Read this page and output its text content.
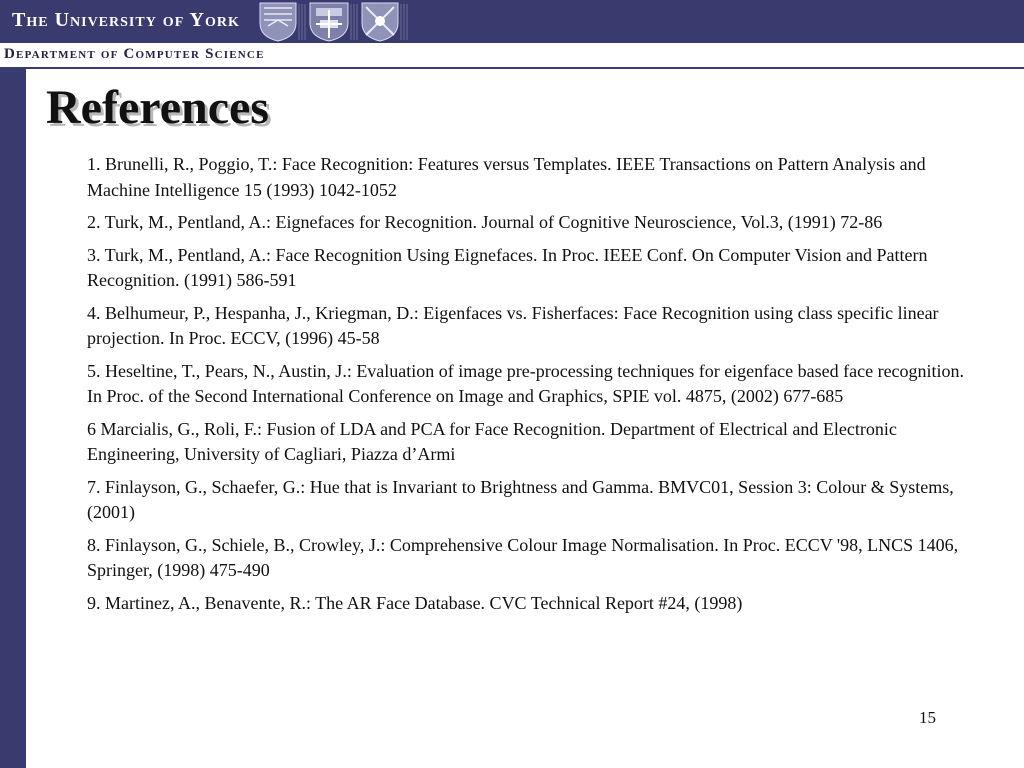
The University of York
Department of Computer Science
References
1. Brunelli, R., Poggio, T.: Face Recognition: Features versus Templates. IEEE Transactions on Pattern Analysis and Machine Intelligence 15 (1993) 1042-1052
2. Turk, M., Pentland, A.: Eignefaces for Recognition. Journal of Cognitive Neuroscience, Vol.3, (1991) 72-86
3. Turk, M., Pentland, A.: Face Recognition Using Eignefaces. In Proc. IEEE Conf. On Computer Vision and Pattern Recognition. (1991) 586-591
4. Belhumeur, P., Hespanha, J., Kriegman, D.: Eigenfaces vs. Fisherfaces: Face Recognition using class specific linear projection. In Proc. ECCV, (1996) 45-58
5. Heseltine, T., Pears, N., Austin, J.: Evaluation of image pre-processing techniques for eigenface based face recognition. In Proc. of the Second International Conference on Image and Graphics, SPIE vol. 4875, (2002) 677-685
6 Marcialis, G., Roli, F.: Fusion of LDA and PCA for Face Recognition. Department of Electrical and Electronic Engineering, University of Cagliari, Piazza d’Armi
7. Finlayson, G., Schaefer, G.: Hue that is Invariant to Brightness and Gamma. BMVC01, Session 3: Colour & Systems, (2001)
8. Finlayson, G., Schiele, B., Crowley, J.: Comprehensive Colour Image Normalisation. In Proc. ECCV '98, LNCS 1406, Springer, (1998) 475-490
9. Martinez, A., Benavente, R.: The AR Face Database. CVC Technical Report #24, (1998)
15
